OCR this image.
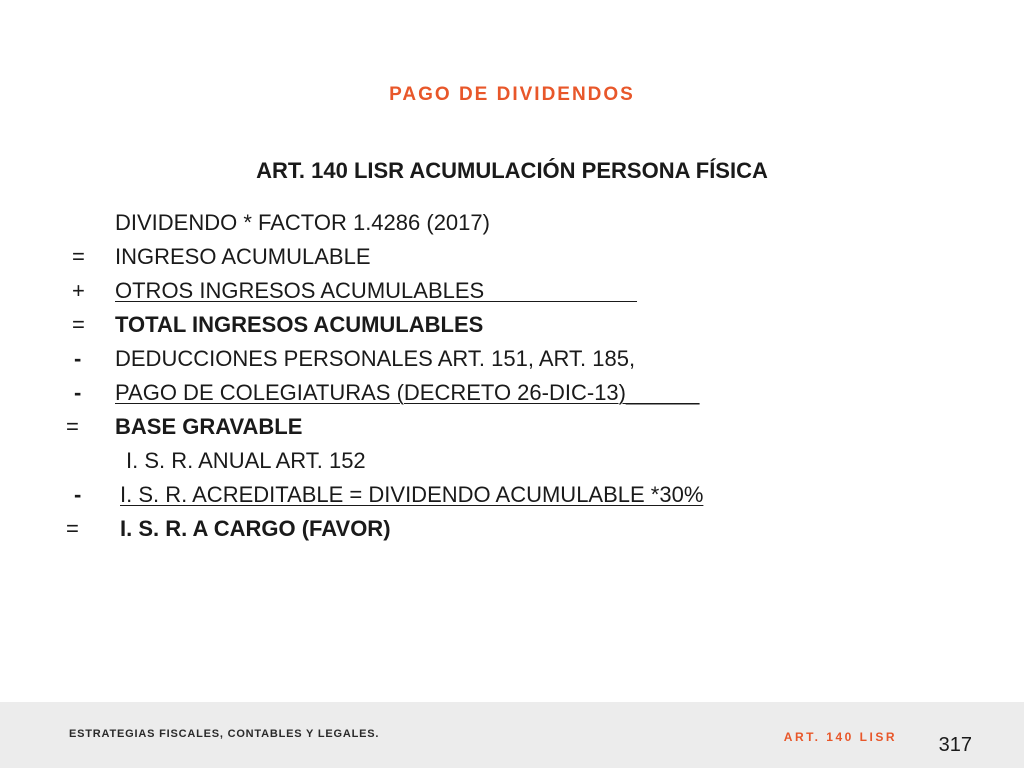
PAGO DE DIVIDENDOS
ART. 140 LISR ACUMULACIÓN PERSONA FÍSICA
DIVIDENDO * FACTOR 1.4286 (2017)
= INGRESO ACUMULABLE
+ OTROS INGRESOS ACUMULABLES
= TOTAL INGRESOS ACUMULABLES
- DEDUCCIONES PERSONALES ART. 151, ART. 185,
- PAGO DE COLEGIATURAS (DECRETO 26-DIC-13)______
= BASE GRAVABLE
I. S. R. ANUAL ART. 152
- I. S. R. ACREDITABLE = DIVIDENDO ACUMULABLE *30%
= I. S. R. A CARGO (FAVOR)
ESTRATEGIAS FISCALES, CONTABLES Y LEGALES.	ART. 140 LISR 317
